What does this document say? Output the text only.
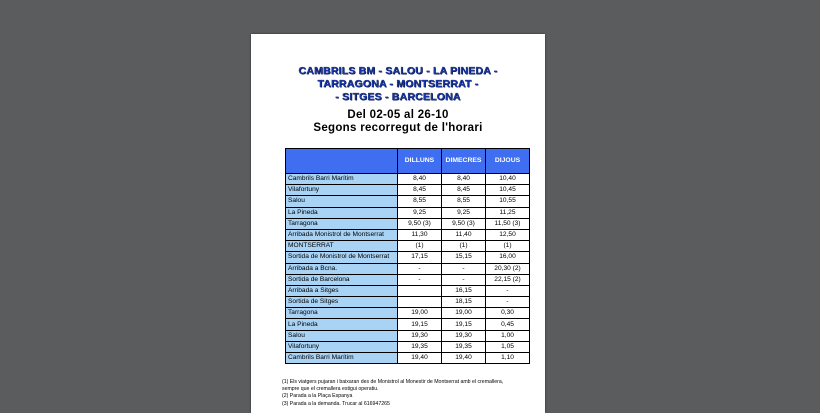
CAMBRILS BM - SALOU - LA PINEDA -
TARRAGONA - MONTSERRAT -
- SITGES - BARCELONA
Del 02-05 al 26-10
Segons recorregut de l'horari
	DILLUNS	DIMECRES	DIJOUS
Cambrils Barri Marítim	8,40	8,40	10,40
Vilafortuny	8,45	8,45	10,45
Salou	8,55	8,55	10,55
La Pineda	9,25	9,25	11,25
Tarragona	9,50 (3)	9,50 (3)	11,50 (3)
Arribada Monistrol de Montserrat	11,30	11,40	12,50
MONTSERRAT	(1)	(1)	(1)
Sortida de Monistrol de Montserrat	17,15	15,15	16,00
Arribada a Bcna.	-	-	20,30 (2)
Sortida de Barcelona	-	-	22,15 (2)
Arribada a Sitges		16,15	-
Sortida de Sitges		18,15	-
Tarragona	19,00	19,00	0,30
La Pineda	19,15	19,15	0,45
Salou	19,30	19,30	1,00
Vilafortuny	19,35	19,35	1,05
Cambrils Barri Marítim	19,40	19,40	1,10
(1) Els viatgers pujaran i baixaran des de Monistrol al Monestir de Montserrat amb el cremallera,
sempre que el cremallera estigui operatiu.
(2) Parada a la Plaça Espanya
(3) Parada a la demanda. Trucar al 616947265
